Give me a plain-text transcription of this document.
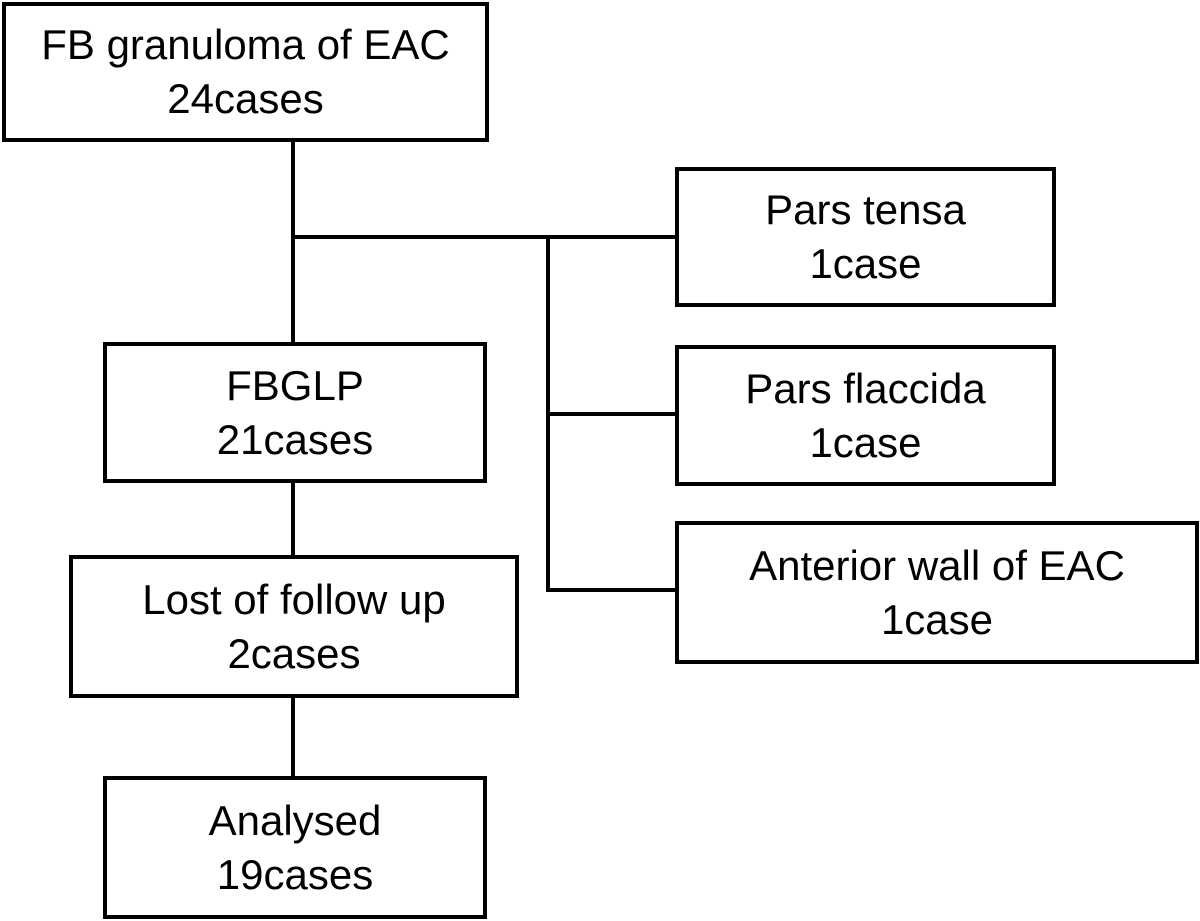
FB granuloma of EAC
24cases
Pars tensa
1case
FBGLP
21cases
Pars flaccida
1case
Anterior wall of EAC
1case
Lost of follow up
2cases
Analysed
19cases
